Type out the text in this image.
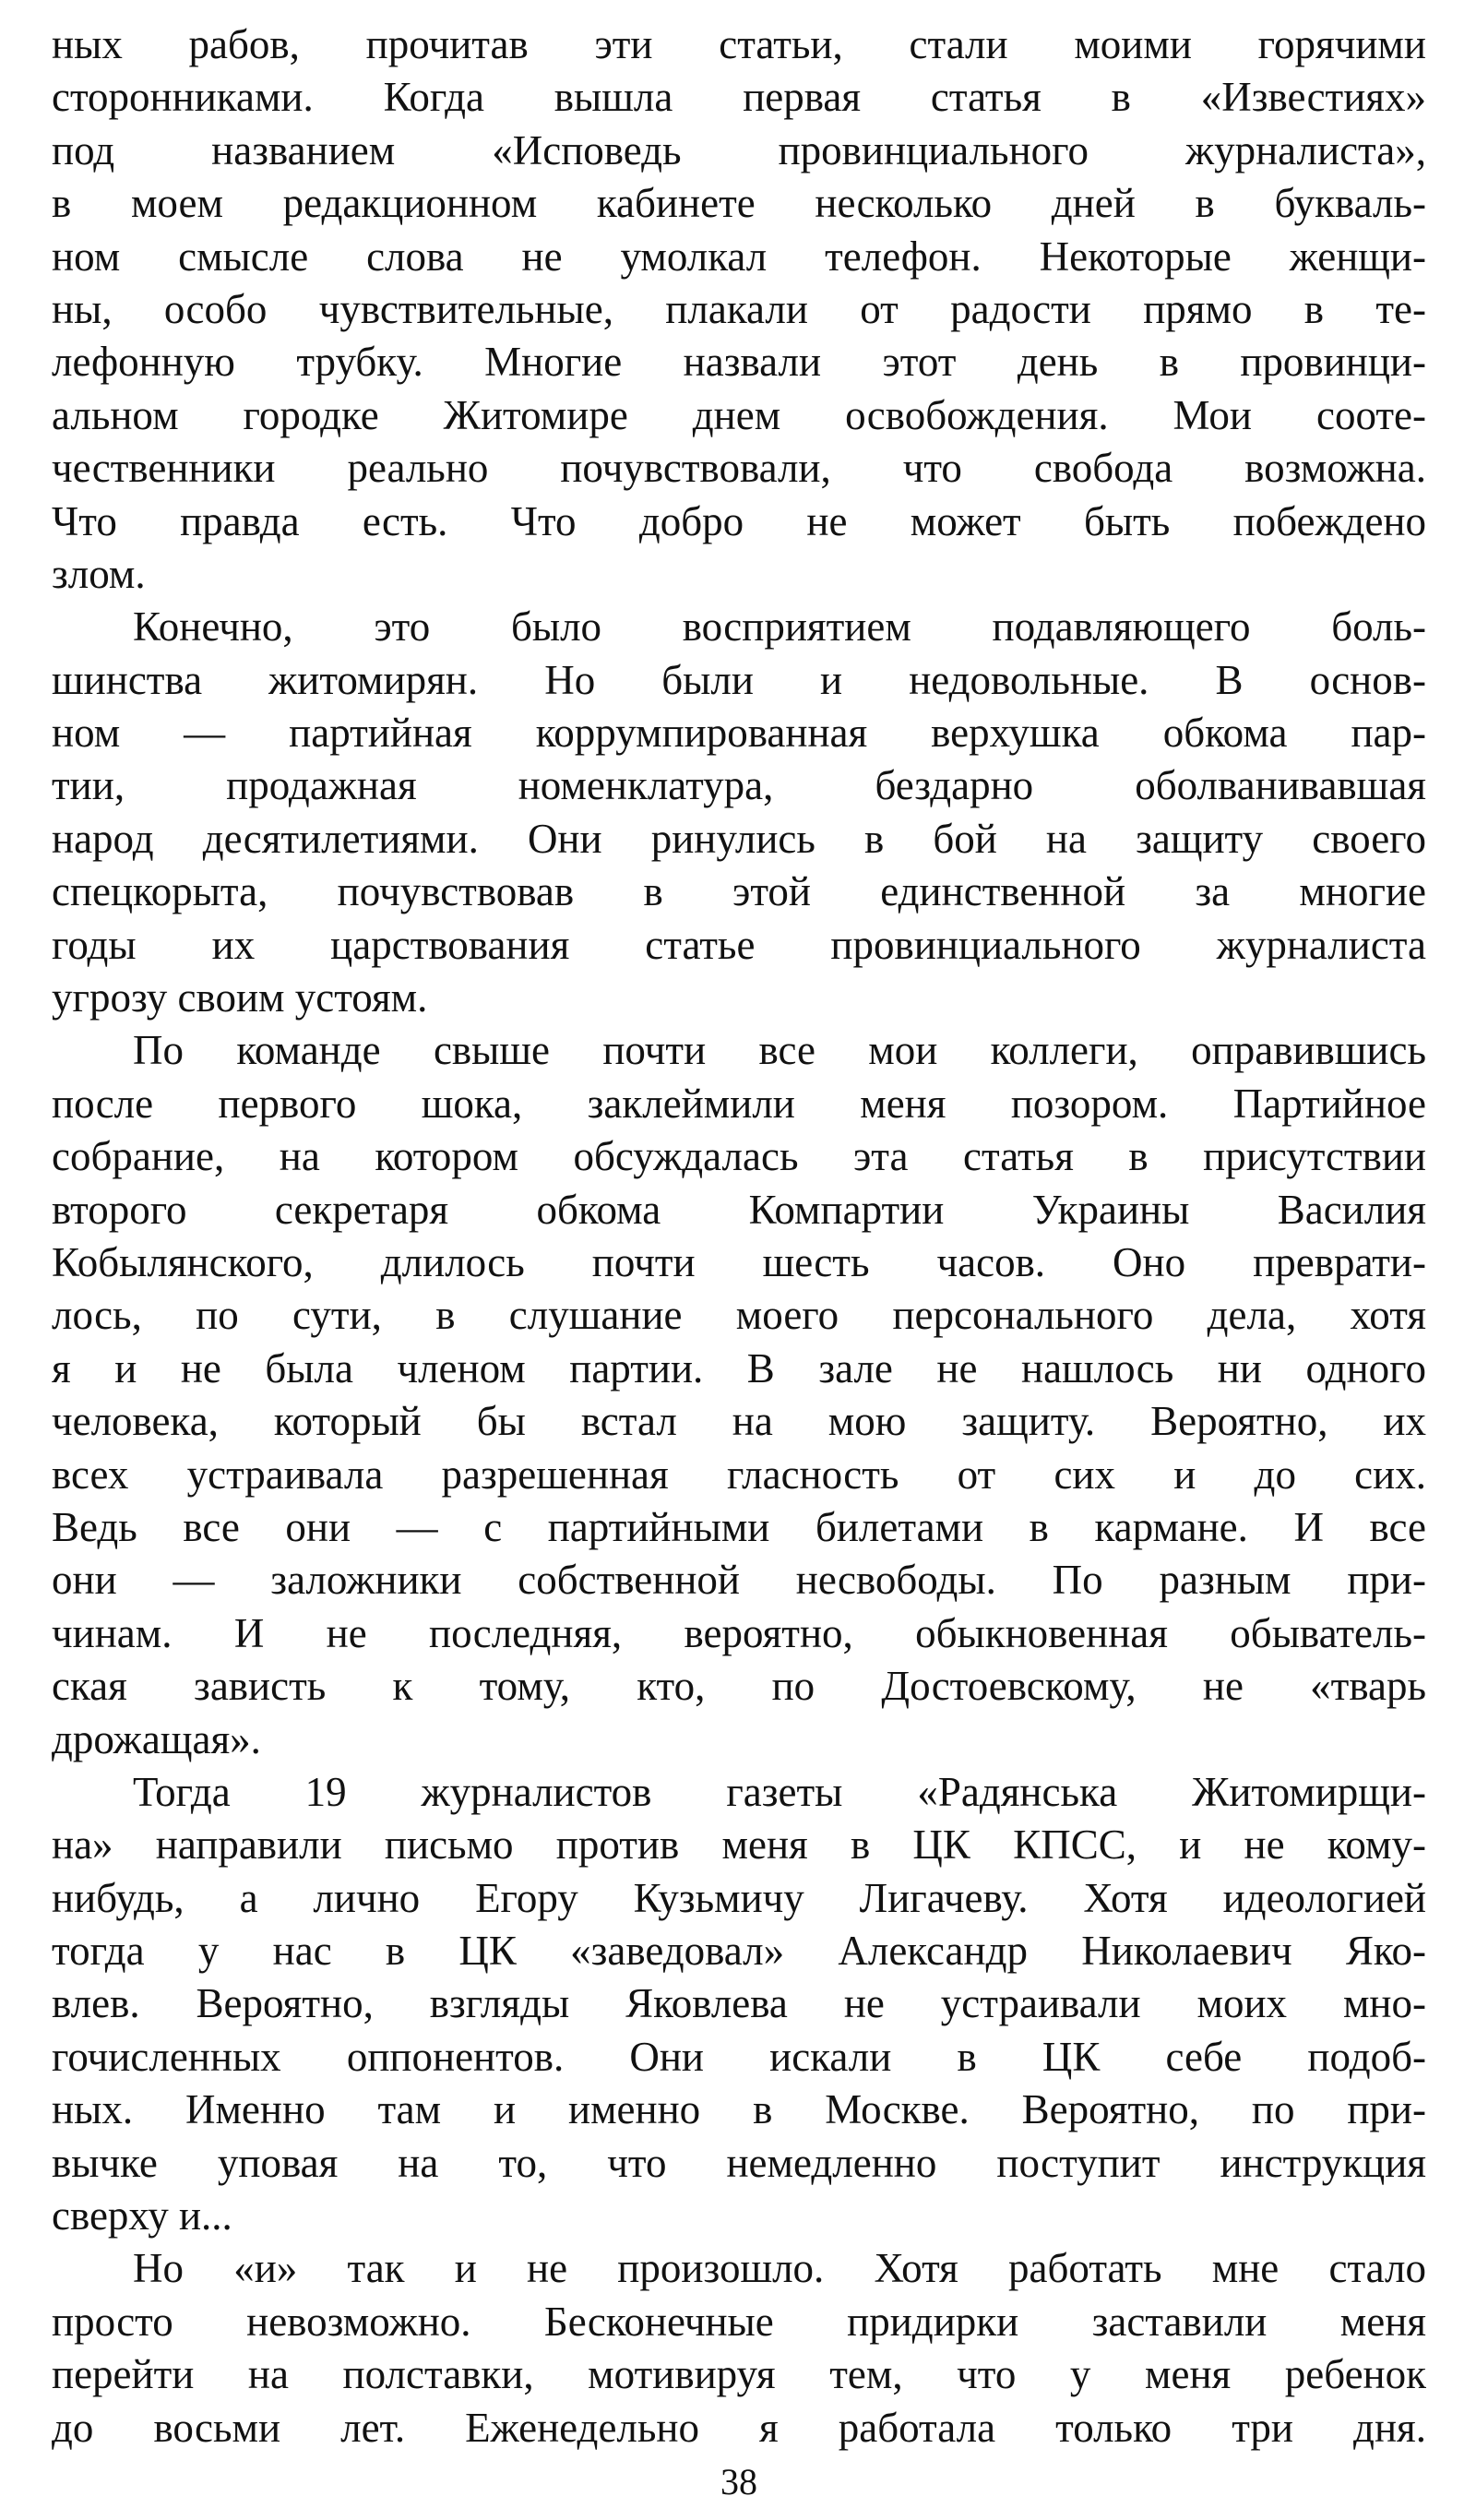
ных рабов, прочитав эти статьи, стали моими горячими
сторонниками. Когда вышла первая статья в «Известиях»
под названием «Исповедь провинциального журналиста»,
в моем редакционном кабинете несколько дней в букваль-
ном смысле слова не умолкал телефон. Некоторые женщи-
ны, особо чувствительные, плакали от радости прямо в те-
лефонную трубку. Многие назвали этот день в провинци-
альном городке Житомире днем освобождения. Мои сооте-
чественники реально почувствовали, что свобода возможна.
Что правда есть. Что добро не может быть побеждено
злом.
Конечно, это было восприятием подавляющего боль-
шинства житомирян. Но были и недовольные. В основ-
ном — партийная коррумпированная верхушка обкома пар-
тии, продажная номенклатура, бездарно оболванивавшая
народ десятилетиями. Они ринулись в бой на защиту своего
спецкорыта, почувствовав в этой единственной за многие
годы их царствования статье провинциального журналиста
угрозу своим устоям.
По команде свыше почти все мои коллеги, оправившись
после первого шока, заклеймили меня позором. Партийное
собрание, на котором обсуждалась эта статья в присутствии
второго секретаря обкома Компартии Украины Василия
Кобылянского, длилось почти шесть часов. Оно преврати-
лось, по сути, в слушание моего персонального дела, хотя
я и не была членом партии. В зале не нашлось ни одного
человека, который бы встал на мою защиту. Вероятно, их
всех устраивала разрешенная гласность от сих и до сих.
Ведь все они — с партийными билетами в кармане. И все
они — заложники собственной несвободы. По разным при-
чинам. И не последняя, вероятно, обыкновенная обыватель-
ская зависть к тому, кто, по Достоевскому, не «тварь
дрожащая».
Тогда 19 журналистов газеты «Радянська Житомирщи-
на» направили письмо против меня в ЦК КПСС, и не кому-
нибудь, а лично Егору Кузьмичу Лигачеву. Хотя идеологией
тогда у нас в ЦК «заведовал» Александр Николаевич Яко-
влев. Вероятно, взгляды Яковлева не устраивали моих мно-
гочисленных оппонентов. Они искали в ЦК себе подоб-
ных. Именно там и именно в Москве. Вероятно, по при-
вычке уповая на то, что немедленно поступит инструкция
сверху и...
Но «и» так и не произошло. Хотя работать мне стало
просто невозможно. Бесконечные придирки заставили меня
перейти на полставки, мотивируя тем, что у меня ребенок
до восьми лет. Еженедельно я работала только три дня.
38
